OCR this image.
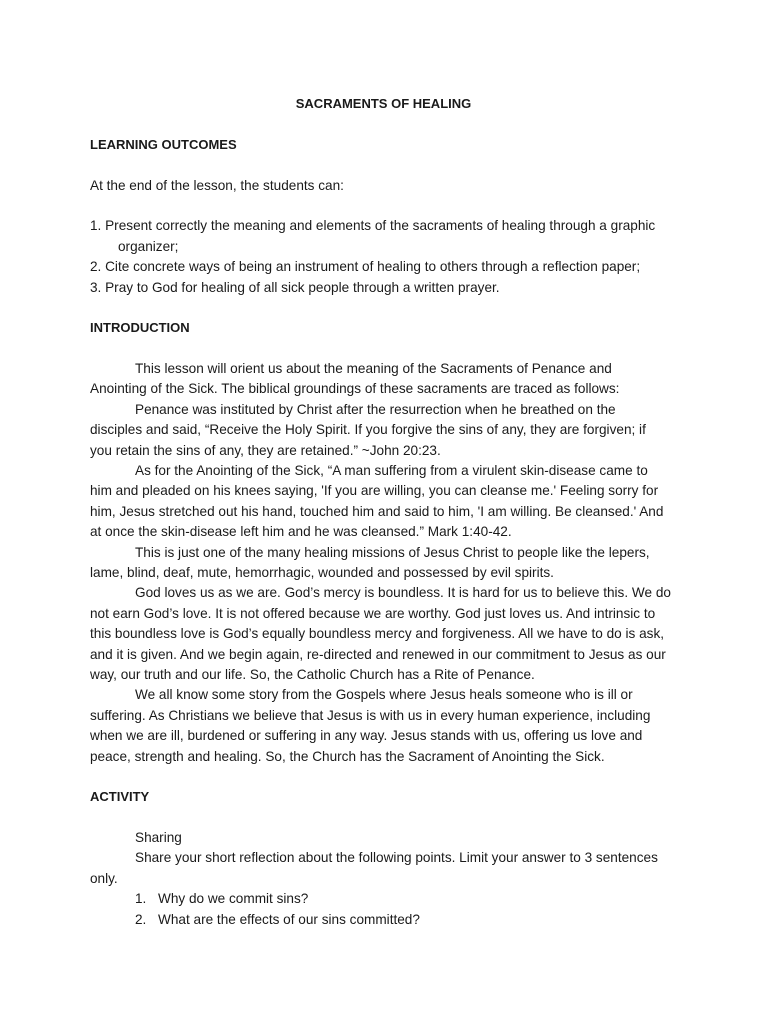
SACRAMENTS OF HEALING
LEARNING OUTCOMES
At the end of the lesson, the students can:
1. Present correctly the meaning and elements of the sacraments of healing through a graphic
organizer;
2. Cite concrete ways of being an instrument of healing to others through a reflection paper;
3. Pray to God for healing of all sick people through a written prayer.
INTRODUCTION
This lesson will orient us about the meaning of the Sacraments of Penance and
Anointing of the Sick. The biblical groundings of these sacraments are traced as follows:
Penance was instituted by Christ after the resurrection when he breathed on the
disciples and said, “Receive the Holy Spirit. If you forgive the sins of any, they are forgiven; if
you retain the sins of any, they are retained.” ~John 20:23.
As for the Anointing of the Sick, “A man suffering from a virulent skin-disease came to
him and pleaded on his knees saying, 'If you are willing, you can cleanse me.' Feeling sorry for
him, Jesus stretched out his hand, touched him and said to him, 'I am willing. Be cleansed.' And
at once the skin-disease left him and he was cleansed.” Mark 1:40-42.
This is just one of the many healing missions of Jesus Christ to people like the lepers,
lame, blind, deaf, mute, hemorrhagic, wounded and possessed by evil spirits.
God loves us as we are. God’s mercy is boundless. It is hard for us to believe this. We do
not earn God’s love. It is not offered because we are worthy. God just loves us. And intrinsic to
this boundless love is God’s equally boundless mercy and forgiveness. All we have to do is ask,
and it is given. And we begin again, re-directed and renewed in our commitment to Jesus as our
way, our truth and our life. So, the Catholic Church has a Rite of Penance.
We all know some story from the Gospels where Jesus heals someone who is ill or
suffering. As Christians we believe that Jesus is with us in every human experience, including
when we are ill, burdened or suffering in any way. Jesus stands with us, offering us love and
peace, strength and healing. So, the Church has the Sacrament of Anointing the Sick.
ACTIVITY
Sharing
Share your short reflection about the following points. Limit your answer to 3 sentences
only.
1. Why do we commit sins?
2. What are the effects of our sins committed?
